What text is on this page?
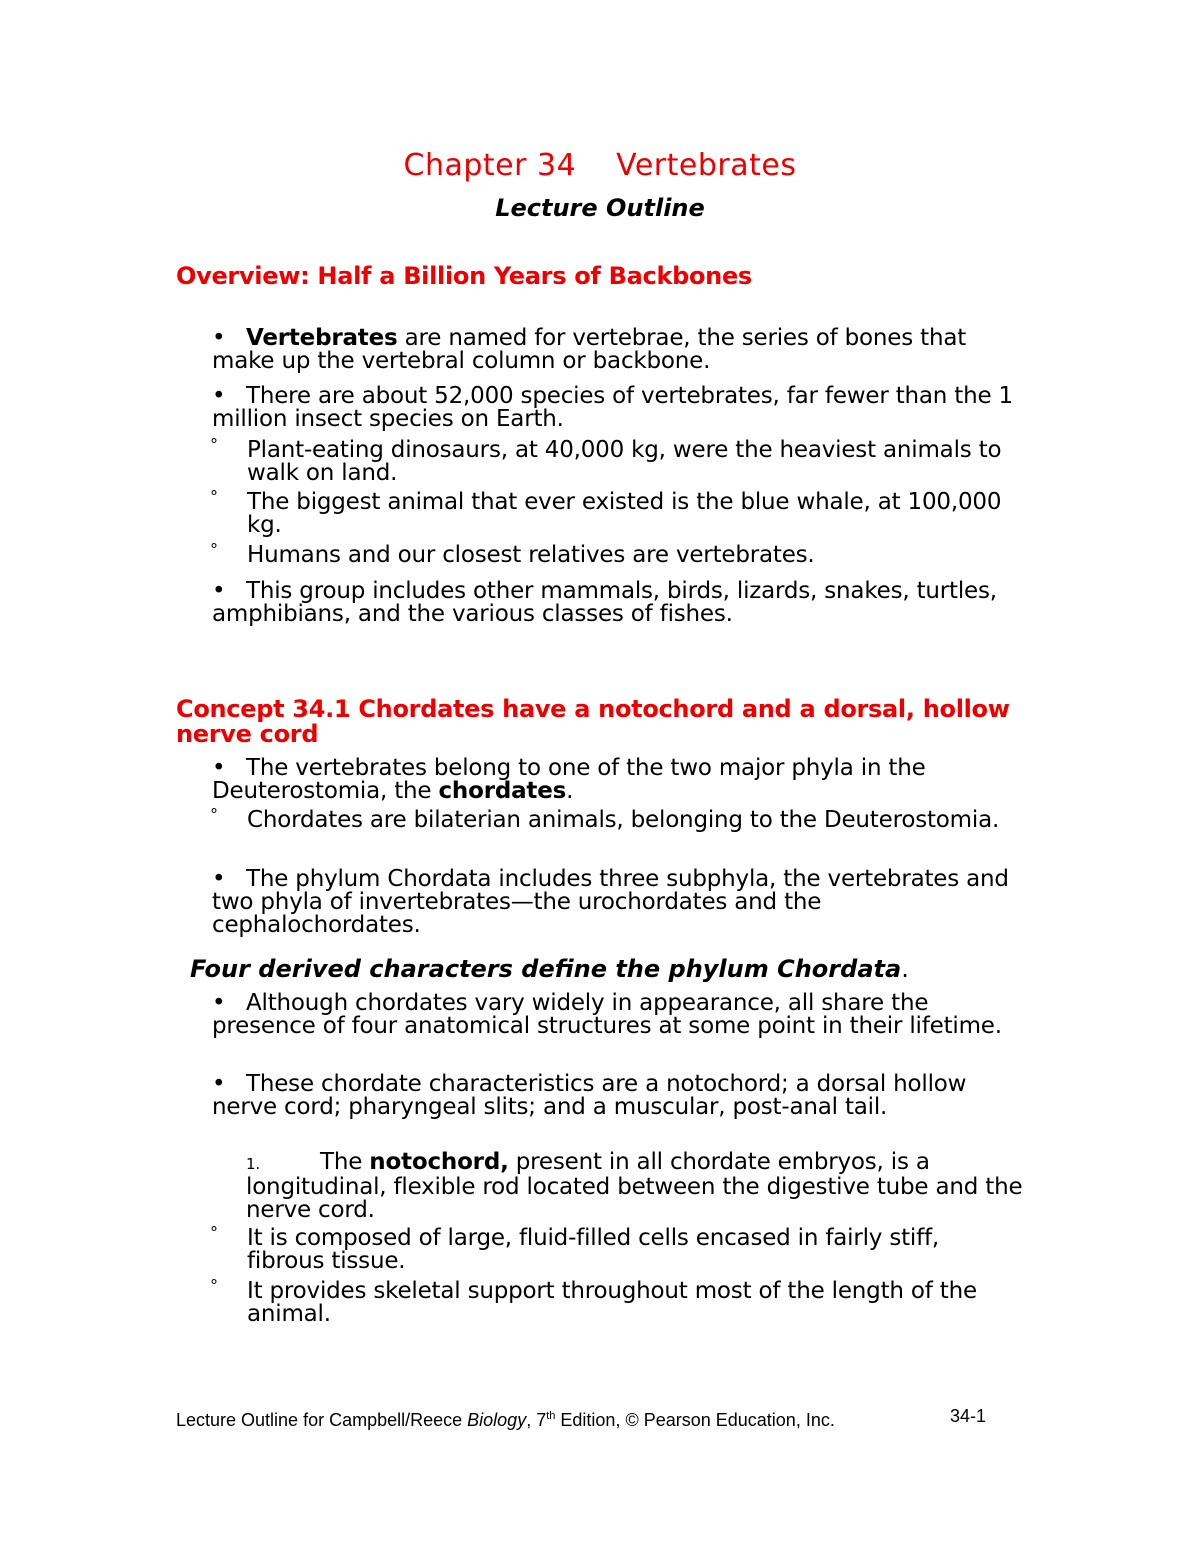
Chapter 34 Vertebrates
Lecture Outline
Overview: Half a Billion Years of Backbones
• Vertebrates are named for vertebrae, the series of bones that make up the vertebral column or backbone.
• There are about 52,000 species of vertebrates, far fewer than the 1 million insect species on Earth.
° Plant-eating dinosaurs, at 40,000 kg, were the heaviest animals to walk on land.
° The biggest animal that ever existed is the blue whale, at 100,000 kg.
° Humans and our closest relatives are vertebrates.
• This group includes other mammals, birds, lizards, snakes, turtles, amphibians, and the various classes of fishes.
Concept 34.1 Chordates have a notochord and a dorsal, hollow nerve cord
• The vertebrates belong to one of the two major phyla in the Deuterostomia, the chordates.
° Chordates are bilaterian animals, belonging to the Deuterostomia.
• The phylum Chordata includes three subphyla, the vertebrates and two phyla of invertebrates—the urochordates and the cephalochordates.
Four derived characters define the phylum Chordata.
• Although chordates vary widely in appearance, all share the presence of four anatomical structures at some point in their lifetime.
• These chordate characteristics are a notochord; a dorsal hollow nerve cord; pharyngeal slits; and a muscular, post-anal tail.
1.	The notochord, present in all chordate embryos, is a longitudinal, flexible rod located between the digestive tube and the nerve cord.
° It is composed of large, fluid-filled cells encased in fairly stiff, fibrous tissue.
° It provides skeletal support throughout most of the length of the animal.
Lecture Outline for Campbell/Reece Biology, 7th Edition, © Pearson Education, Inc.	34-1
